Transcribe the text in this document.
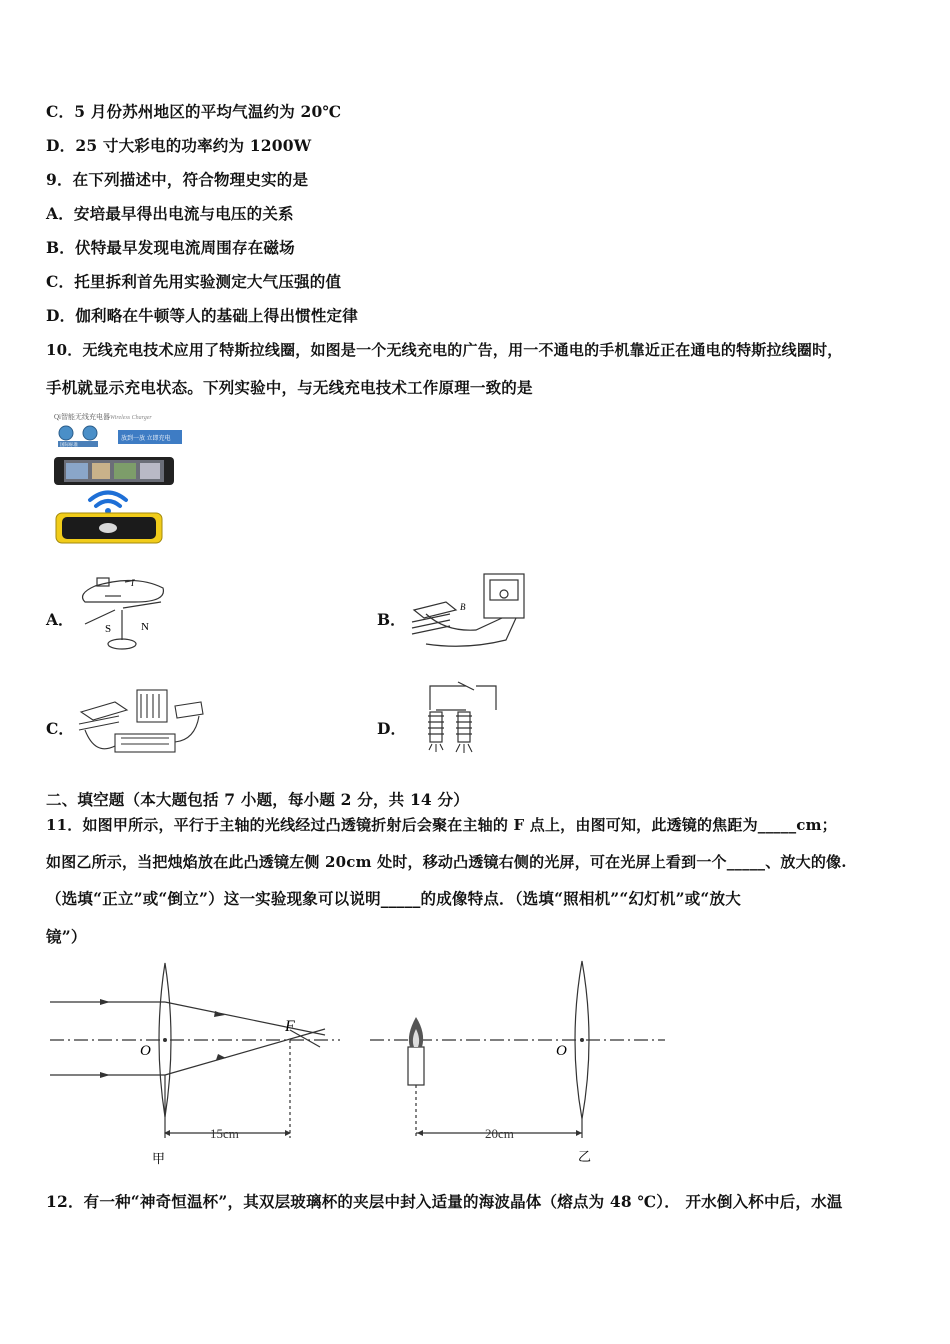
C．5 月份苏州地区的平均气温约为 20℃
D．25 寸大彩电的功率约为 1200W
9．在下列描述中，符合物理史实的是
A．安培最早得出电流与电压的关系
B．伏特最早发现电流周围存在磁场
C．托里拆利首先用实验测定大气压强的值
D．伽利略在牛顿等人的基础上得出惯性定律
10．无线充电技术应用了特斯拉线圈，如图是一个无线充电的广告，用一不通电的手机靠近正在通电的特斯拉线圈时，
手机就显示充电状态。下列实验中，与无线充电技术工作原理一致的是
Qi智能无线充电器 Wireless Charger
国际标准
放到一放 立即充电
A．
I
S	N	B．
B
C．	D．
二、填空题（本大题包括 7 小题，每小题 2 分，共 14 分）
11．如图甲所示，平行于主轴的光线经过凸透镜折射后会聚在主轴的 F 点上，由图可知，此透镜的焦距为_____cm；
如图乙所示，当把烛焰放在此凸透镜左侧 20cm 处时，移动凸透镜右侧的光屏，可在光屏上看到一个_____、放大的像.
（选填“正立”或“倒立”）这一实验现象可以说明_____的成像特点．（选填“照相机”“幻灯机”或“放大
镜”）
F
O
15cm
甲
O
20cm
乙
12．有一种“神奇恒温杯”，其双层玻璃杯的夹层中封入适量的海波晶体（熔点为 48 ℃）． 开水倒入杯中后，水温
